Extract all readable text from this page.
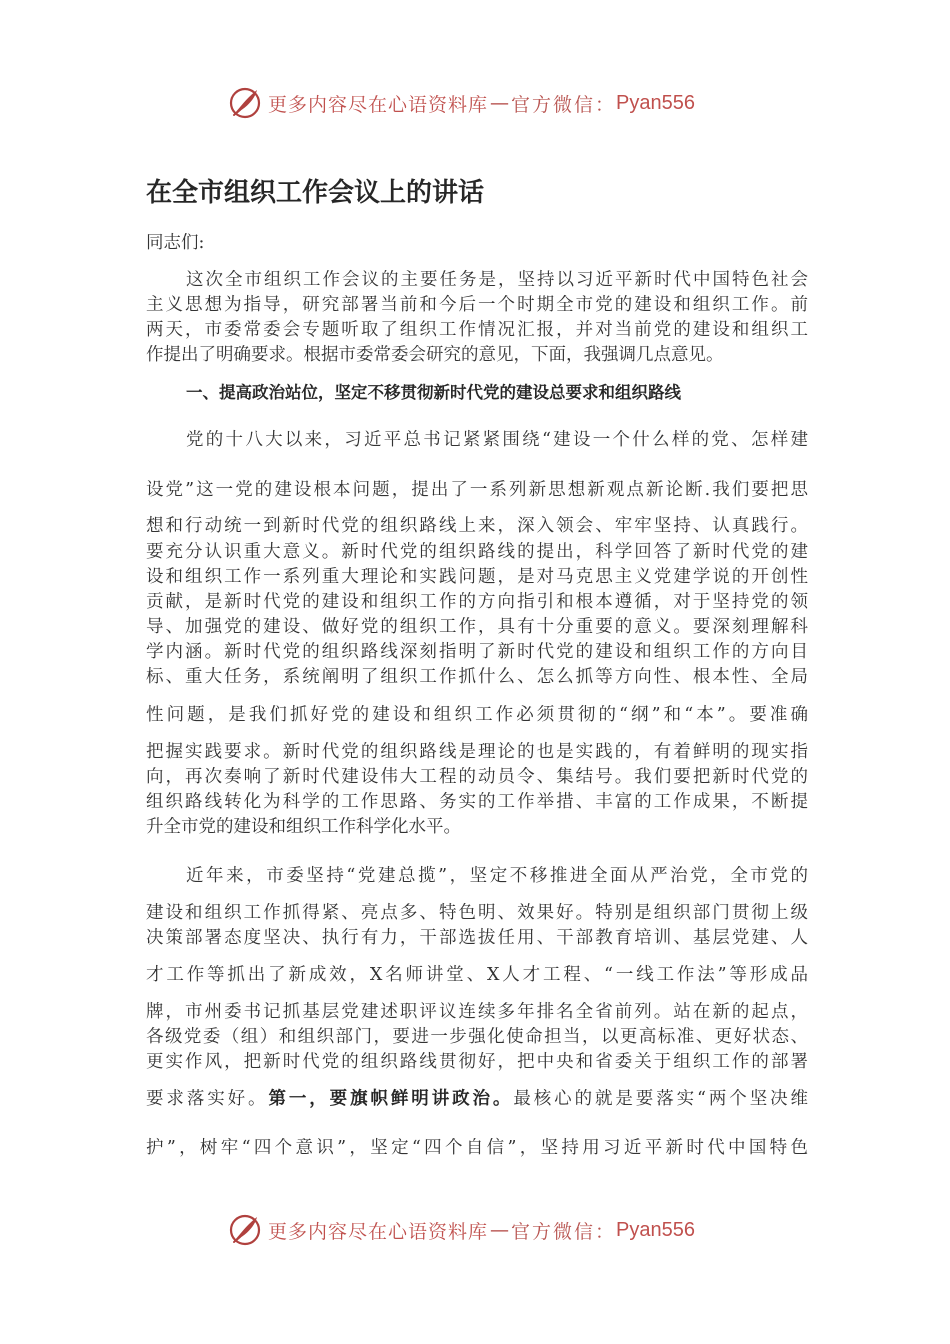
更多内容尽在心语资料库 — 官方微信： Pyan556
在全市组织工作会议上的讲话

同志们:

这次全市组织工作会议的主要任务是，坚持以习近平新时代中国特色社会

主义思想为指导，研究部署当前和今后一个时期全市党的建设和组织工作。前

两天，市委常委会专题听取了组织工作情况汇报，并对当前党的建设和组织工

作提出了明确要求。根据市委常委会研究的意见，下面，我强调几点意见。

一、提高政治站位，坚定不移贯彻新时代党的建设总要求和组织路线

党的十八大以来，习近平总书记紧紧围绕“建设一个什么样的党、怎样建

设党”这一党的建设根本问题，提出了一系列新思想新观点新论断.我们要把思

想和行动统一到新时代党的组织路线上来，深入领会、牢牢坚持、认真践行。

要充分认识重大意义。新时代党的组织路线的提出，科学回答了新时代党的建

设和组织工作一系列重大理论和实践问题，是对马克思主义党建学说的开创性

贡献，是新时代党的建设和组织工作的方向指引和根本遵循，对于坚持党的领

导、加强党的建设、做好党的组织工作，具有十分重要的意义。要深刻理解科

学内涵。新时代党的组织路线深刻指明了新时代党的建设和组织工作的方向目

标、重大任务，系统阐明了组织工作抓什么、怎么抓等方向性、根本性、全局

性问题，是我们抓好党的建设和组织工作必须贯彻的“纲”和“本”。要准确

把握实践要求。新时代党的组织路线是理论的也是实践的，有着鲜明的现实指

向，再次奏响了新时代建设伟大工程的动员令、集结号。我们要把新时代党的

组织路线转化为科学的工作思路、务实的工作举措、丰富的工作成果，不断提

升全市党的建设和组织工作科学化水平。

近年来，市委坚持“党建总揽”，坚定不移推进全面从严治党，全市党的

建设和组织工作抓得紧、亮点多、特色明、效果好。特别是组织部门贯彻上级

决策部署态度坚决、执行有力，干部选拔任用、干部教育培训、基层党建、人

才工作等抓出了新成效，X名师讲堂、X人才工程、“一线工作法”等形成品

牌，市州委书记抓基层党建述职评议连续多年排名全省前列。站在新的起点，

各级党委（组）和组织部门，要进一步强化使命担当，以更高标准、更好状态、

更实作风，把新时代党的组织路线贯彻好，把中央和省委关于组织工作的部署

要求落实好。第一，要旗帜鲜明讲政治。最核心的就是要落实“两个坚决维

护”，树牢“四个意识”，坚定“四个自信”，坚持用习近平新时代中国特色

更多内容尽在心语资料库 — 官方微信： Pyan556
